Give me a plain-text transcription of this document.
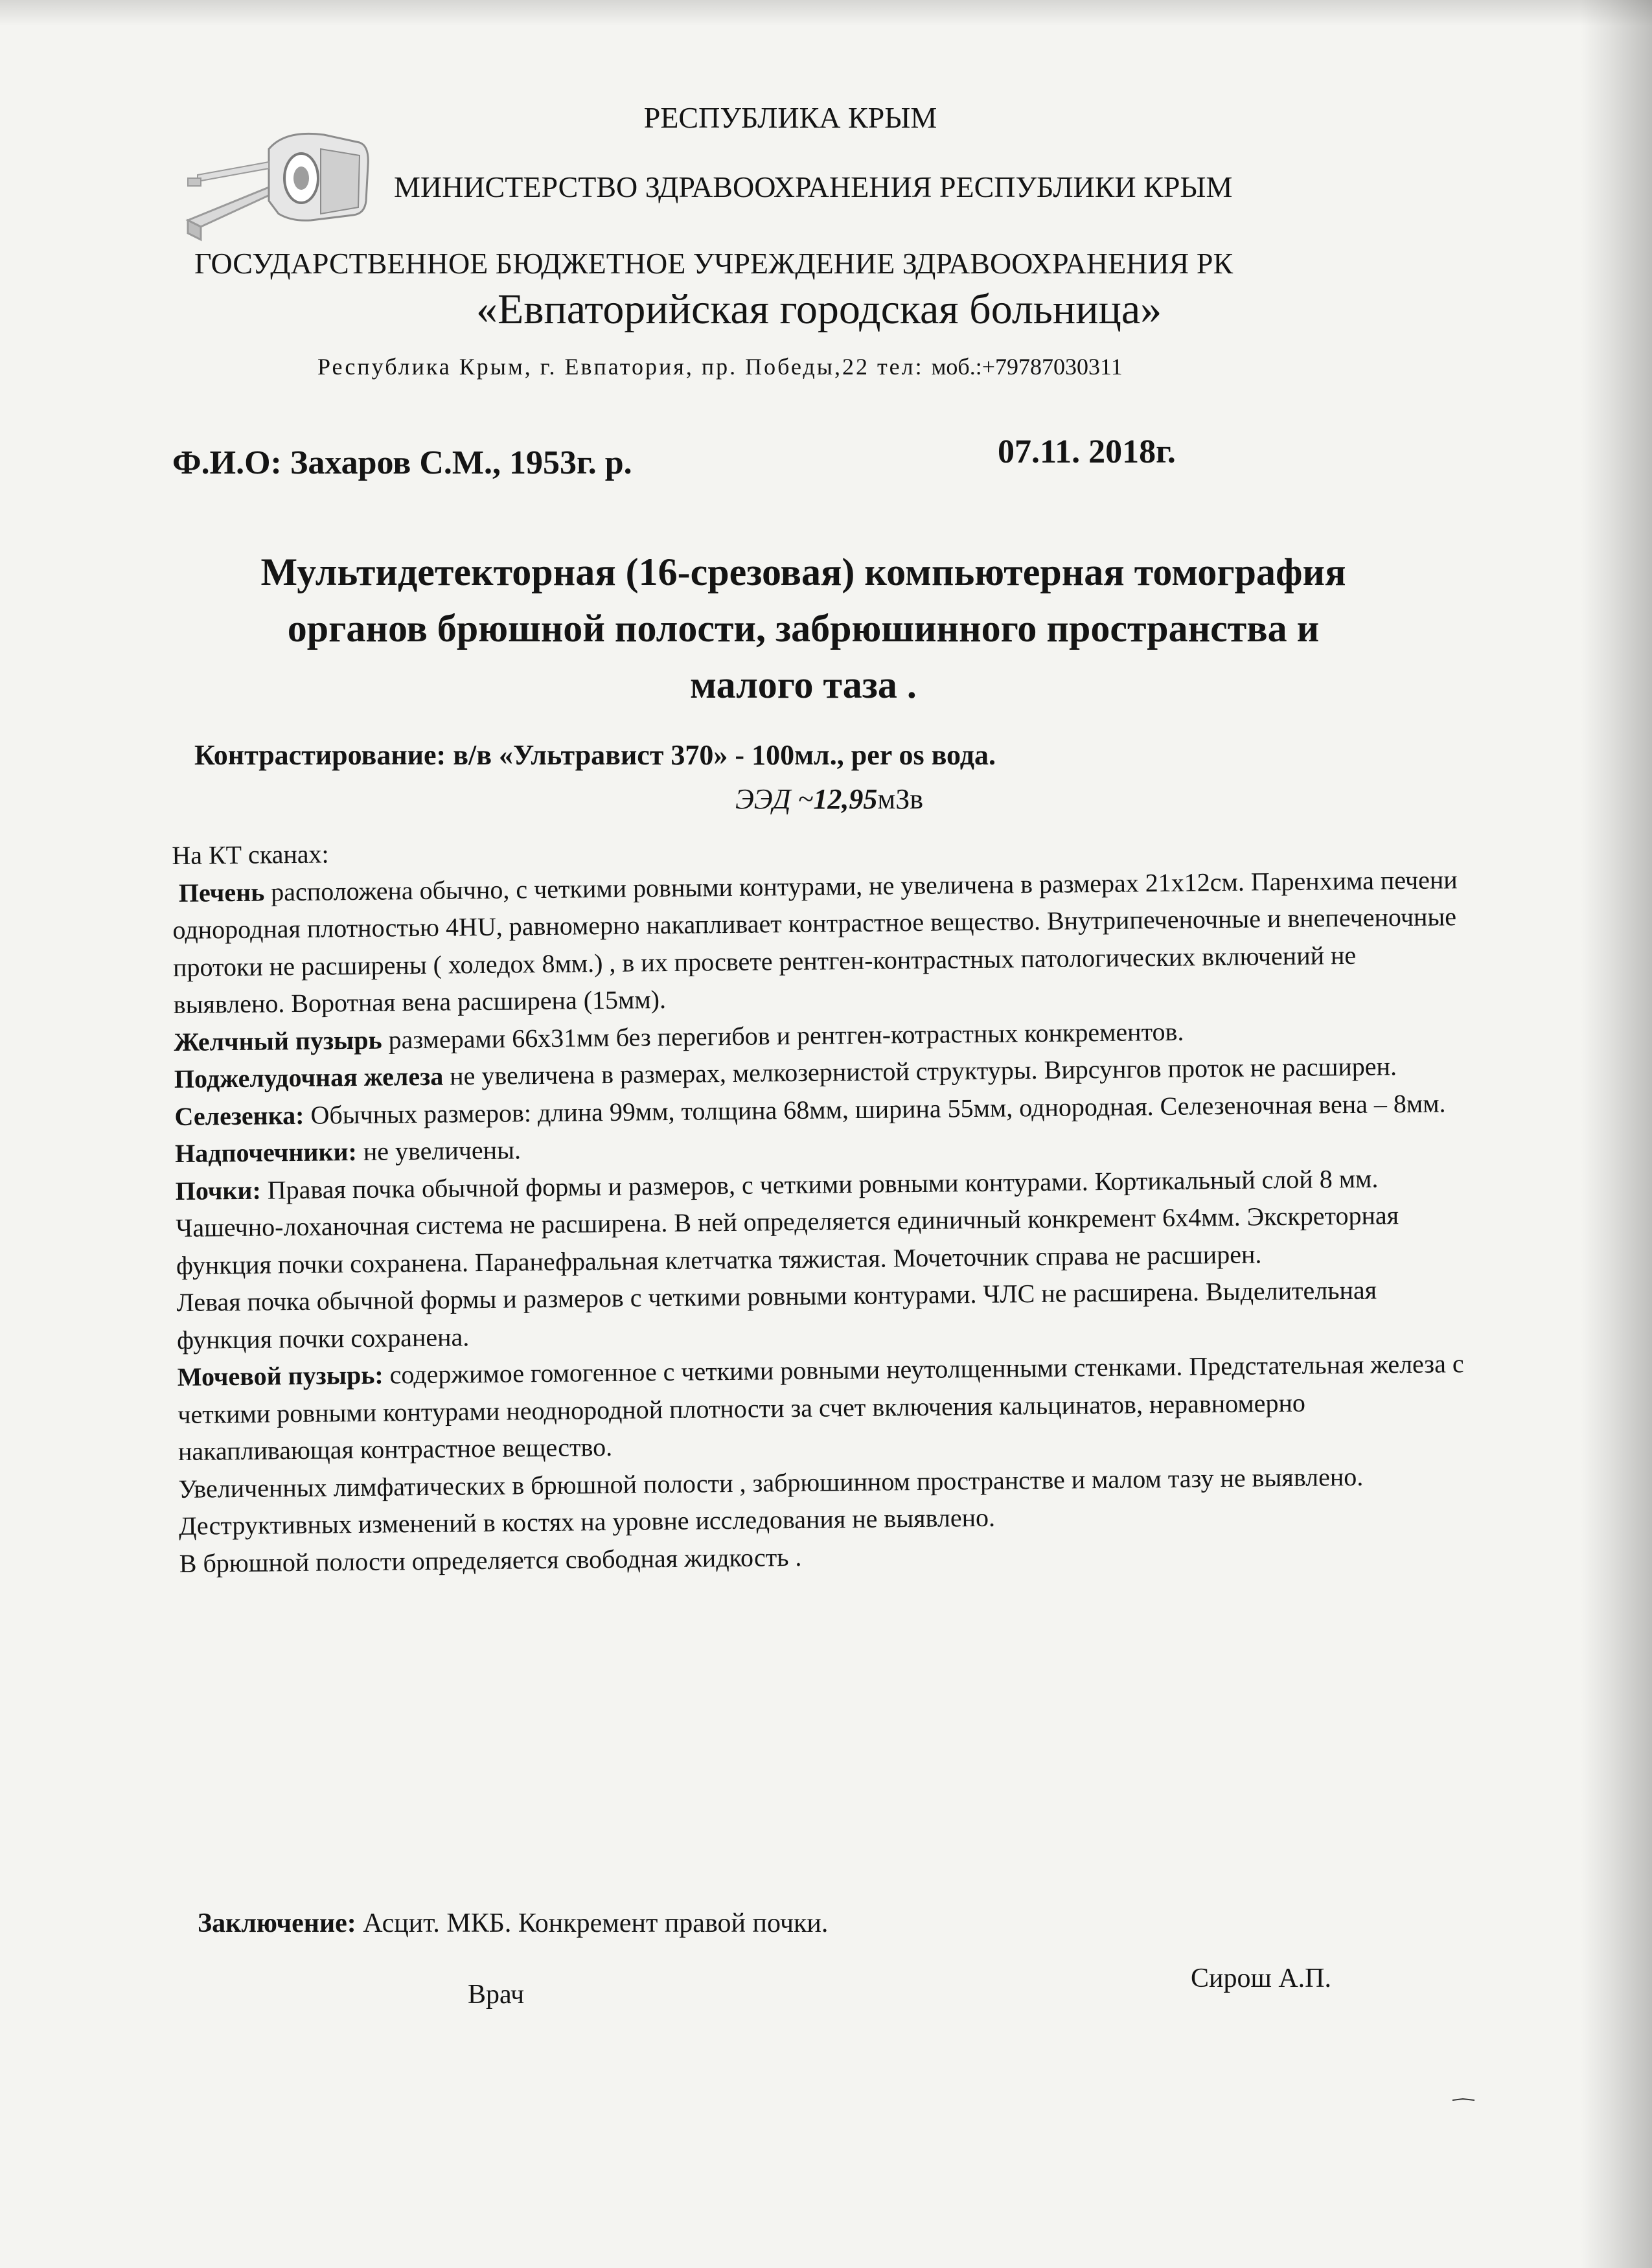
РЕСПУБЛИКА КРЫМ
МИНИСТЕРСТВО ЗДРАВООХРАНЕНИЯ РЕСПУБЛИКИ КРЫМ
ГОСУДАРСТВЕННОЕ БЮДЖЕТНОЕ УЧРЕЖДЕНИЕ ЗДРАВООХРАНЕНИЯ РК
«Евпаторийская городская больница»
Республика Крым, г. Евпатория, пр. Победы,22 тел: моб.:+79787030311
Ф.И.О: Захаров С.М., 1953г. р.	07.11. 2018г.
Мультидетекторная (16-срезовая) компьютерная томография
органов брюшной полости, забрюшинного пространства и
малого таза .
Контрастирование: в/в «Ультравист 370» - 100мл., per os вода.
ЭЭД ~12,95мЗв

На КТ сканах:

Печень расположена обычно, с четкими ровными контурами, не увеличена в размерах 21х12см. Паренхима печени однородная плотностью 4HU, равномерно накапливает контрастное вещество. Внутрипеченочные и внепеченочные протоки не расширены ( холедох 8мм.) , в их просвете рентген-контрастных патологических включений не выявлено. Воротная вена расширена (15мм).

Желчный пузырь размерами 66х31мм без перегибов и рентген-котрастных конкрементов.

Поджелудочная железа не увеличена в размерах, мелкозернистой структуры. Вирсунгов проток не расширен.

Селезенка: Обычных размеров: длина 99мм, толщина 68мм, ширина 55мм, однородная. Селезеночная вена – 8мм.

Надпочечники: не увеличены.

Почки: Правая почка обычной формы и размеров, с четкими ровными контурами. Кортикальный слой 8 мм. Чашечно-лоханочная система не расширена. В ней определяется единичный конкремент 6х4мм. Экскреторная функция почки сохранена. Паранефральная клетчатка тяжистая. Мочеточник справа не расширен.

Левая почка обычной формы и размеров с четкими ровными контурами. ЧЛС не расширена. Выделительная функция почки сохранена.

Мочевой пузырь: содержимое гомогенное с четкими ровными неутолщенными стенками. Предстательная железа с четкими ровными контурами неоднородной плотности за счет включения кальцинатов, неравномерно накапливающая контрастное вещество.

Увеличенных лимфатических в брюшной полости , забрюшинном пространстве и малом тазу не выявлено.

Деструктивных изменений в костях на уровне исследования не выявлено.

В брюшной полости определяется свободная жидкость .

Заключение: Асцит. МКБ. Конкремент правой почки.
Врач
Сирош А.П.
